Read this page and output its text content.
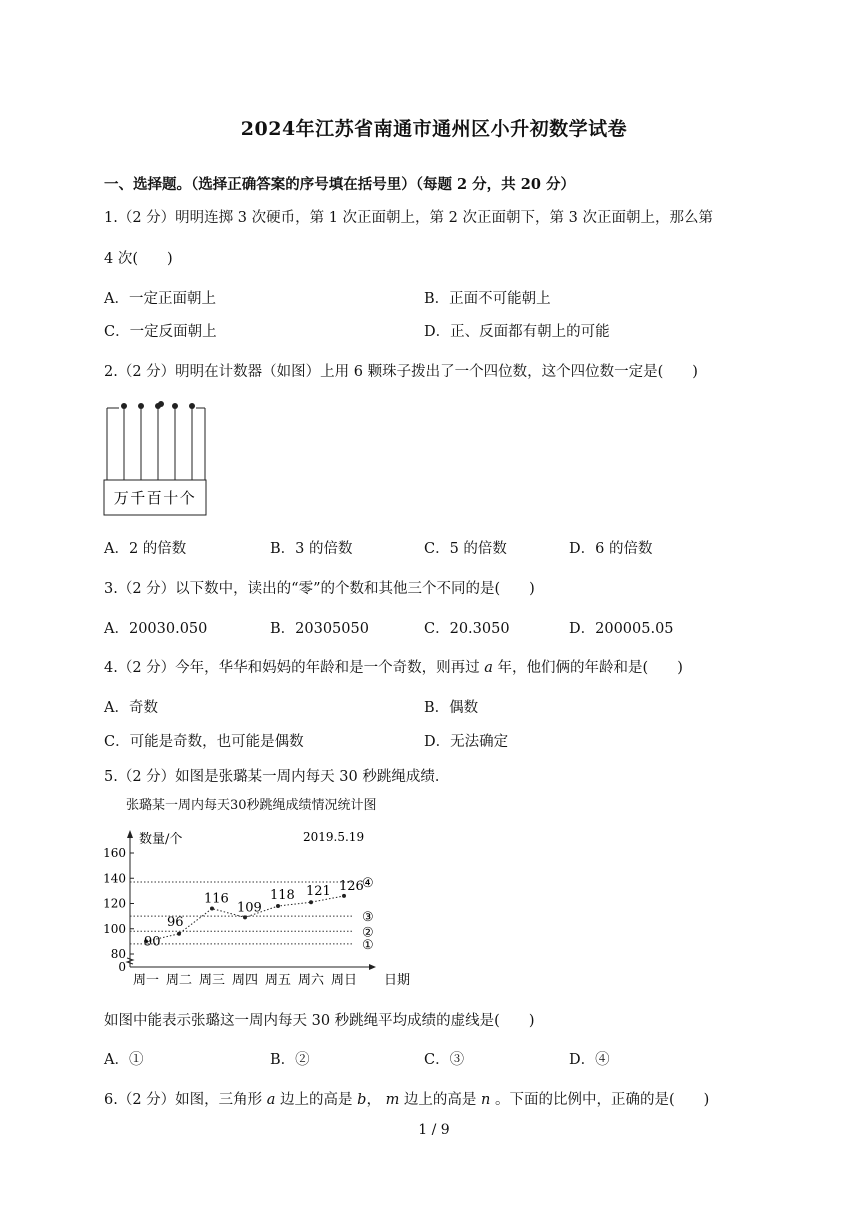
2024年江苏省南通市通州区小升初数学试卷
一、选择题。（选择正确答案的序号填在括号里）（每题 2 分，共 20 分）
1.（2 分）明明连掷 3 次硬币，第 1 次正面朝上，第 2 次正面朝下，第 3 次正面朝上，那么第
4 次(　　)
A．一定正面朝上	B．正面不可能朝上
C．一定反面朝上	D．正、反面都有朝上的可能
2.（2 分）明明在计数器（如图）上用 6 颗珠子拨出了一个四位数，这个四位数一定是(　　)
万千百十个
A．2 的倍数	B．3 的倍数	C．5 的倍数	D．6 的倍数
3.（2 分）以下数中，读出的“零”的个数和其他三个不同的是(　　)
A．20030.050	B．20305050	C．20.3050	D．200005.05
4.（2 分）今年，华华和妈妈的年龄和是一个奇数，则再过 a 年，他们俩的年龄和是(　　)
A．奇数	B．偶数
C．可能是奇数，也可能是偶数	D．无法确定
5.（2 分）如图是张璐某一周内每天 30 秒跳绳成绩．
张璐某一周内每天30秒跳绳成绩情况统计图
0
80
100
120
140
160
数量/个	2019.5.19
④
③
②
①
90
96
116
109
118 121 126
周一 周二 周三 周四 周五 周六 周日 日期
如图中能表示张璐这一周内每天 30 秒跳绳平均成绩的虚线是(　　)
A．①	B．②	C．③	D．④
6.（2 分）如图，三角形 a 边上的高是 b， m 边上的高是 n 。下面的比例中，正确的是(　　)
1 / 9
